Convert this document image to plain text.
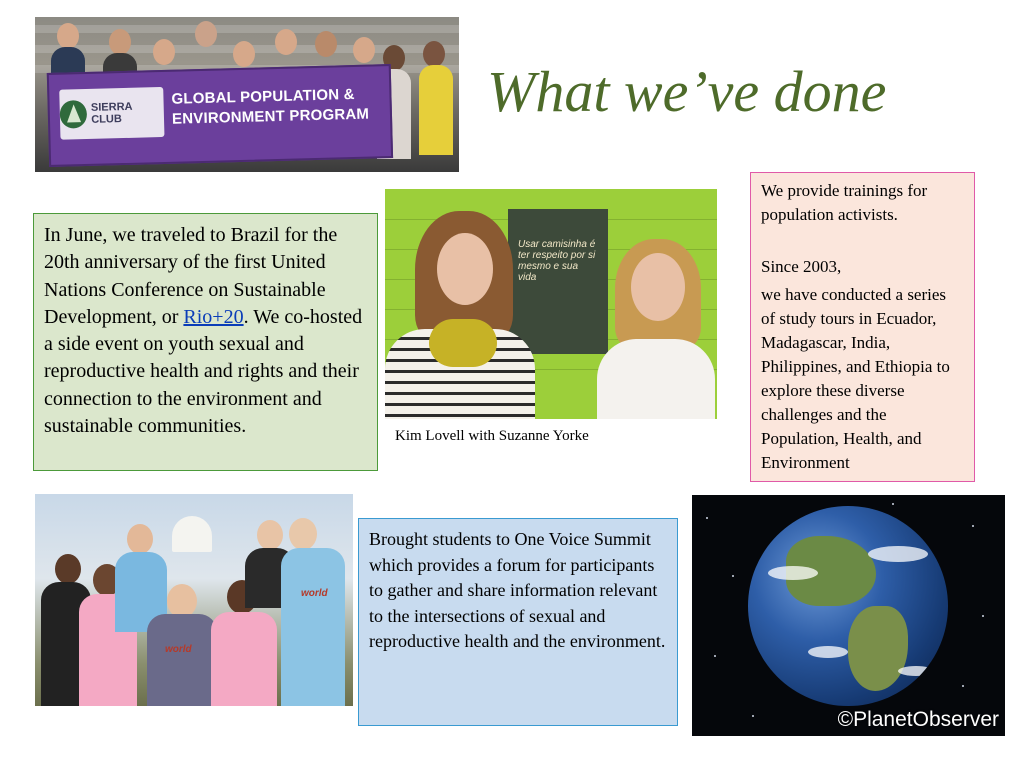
What we’ve done
SIERRA CLUB
GLOBAL POPULATION & ENVIRONMENT PROGRAM
Usar camisinha é ter respeito por si mesmo e sua vida
Kim Lovell with Suzanne Yorke
In June, we traveled to Brazil for the 20th anniversary of the first United Nations Conference on Sustainable Development, or Rio+20. We co-hosted a side event on youth sexual and reproductive health and rights and their connection to the environment and sustainable communities.

We provide trainings for population activists.

Since 2003,

we have conducted a series of study tours in Ecuador, Madagascar, India, Philippines, and Ethiopia to explore these diverse challenges and the Population, Health, and Environment

world
world
Brought students to One Voice Summit which provides a forum for participants to gather and share information relevant to the intersections of sexual and reproductive health and the environment.
©PlanetObserver
